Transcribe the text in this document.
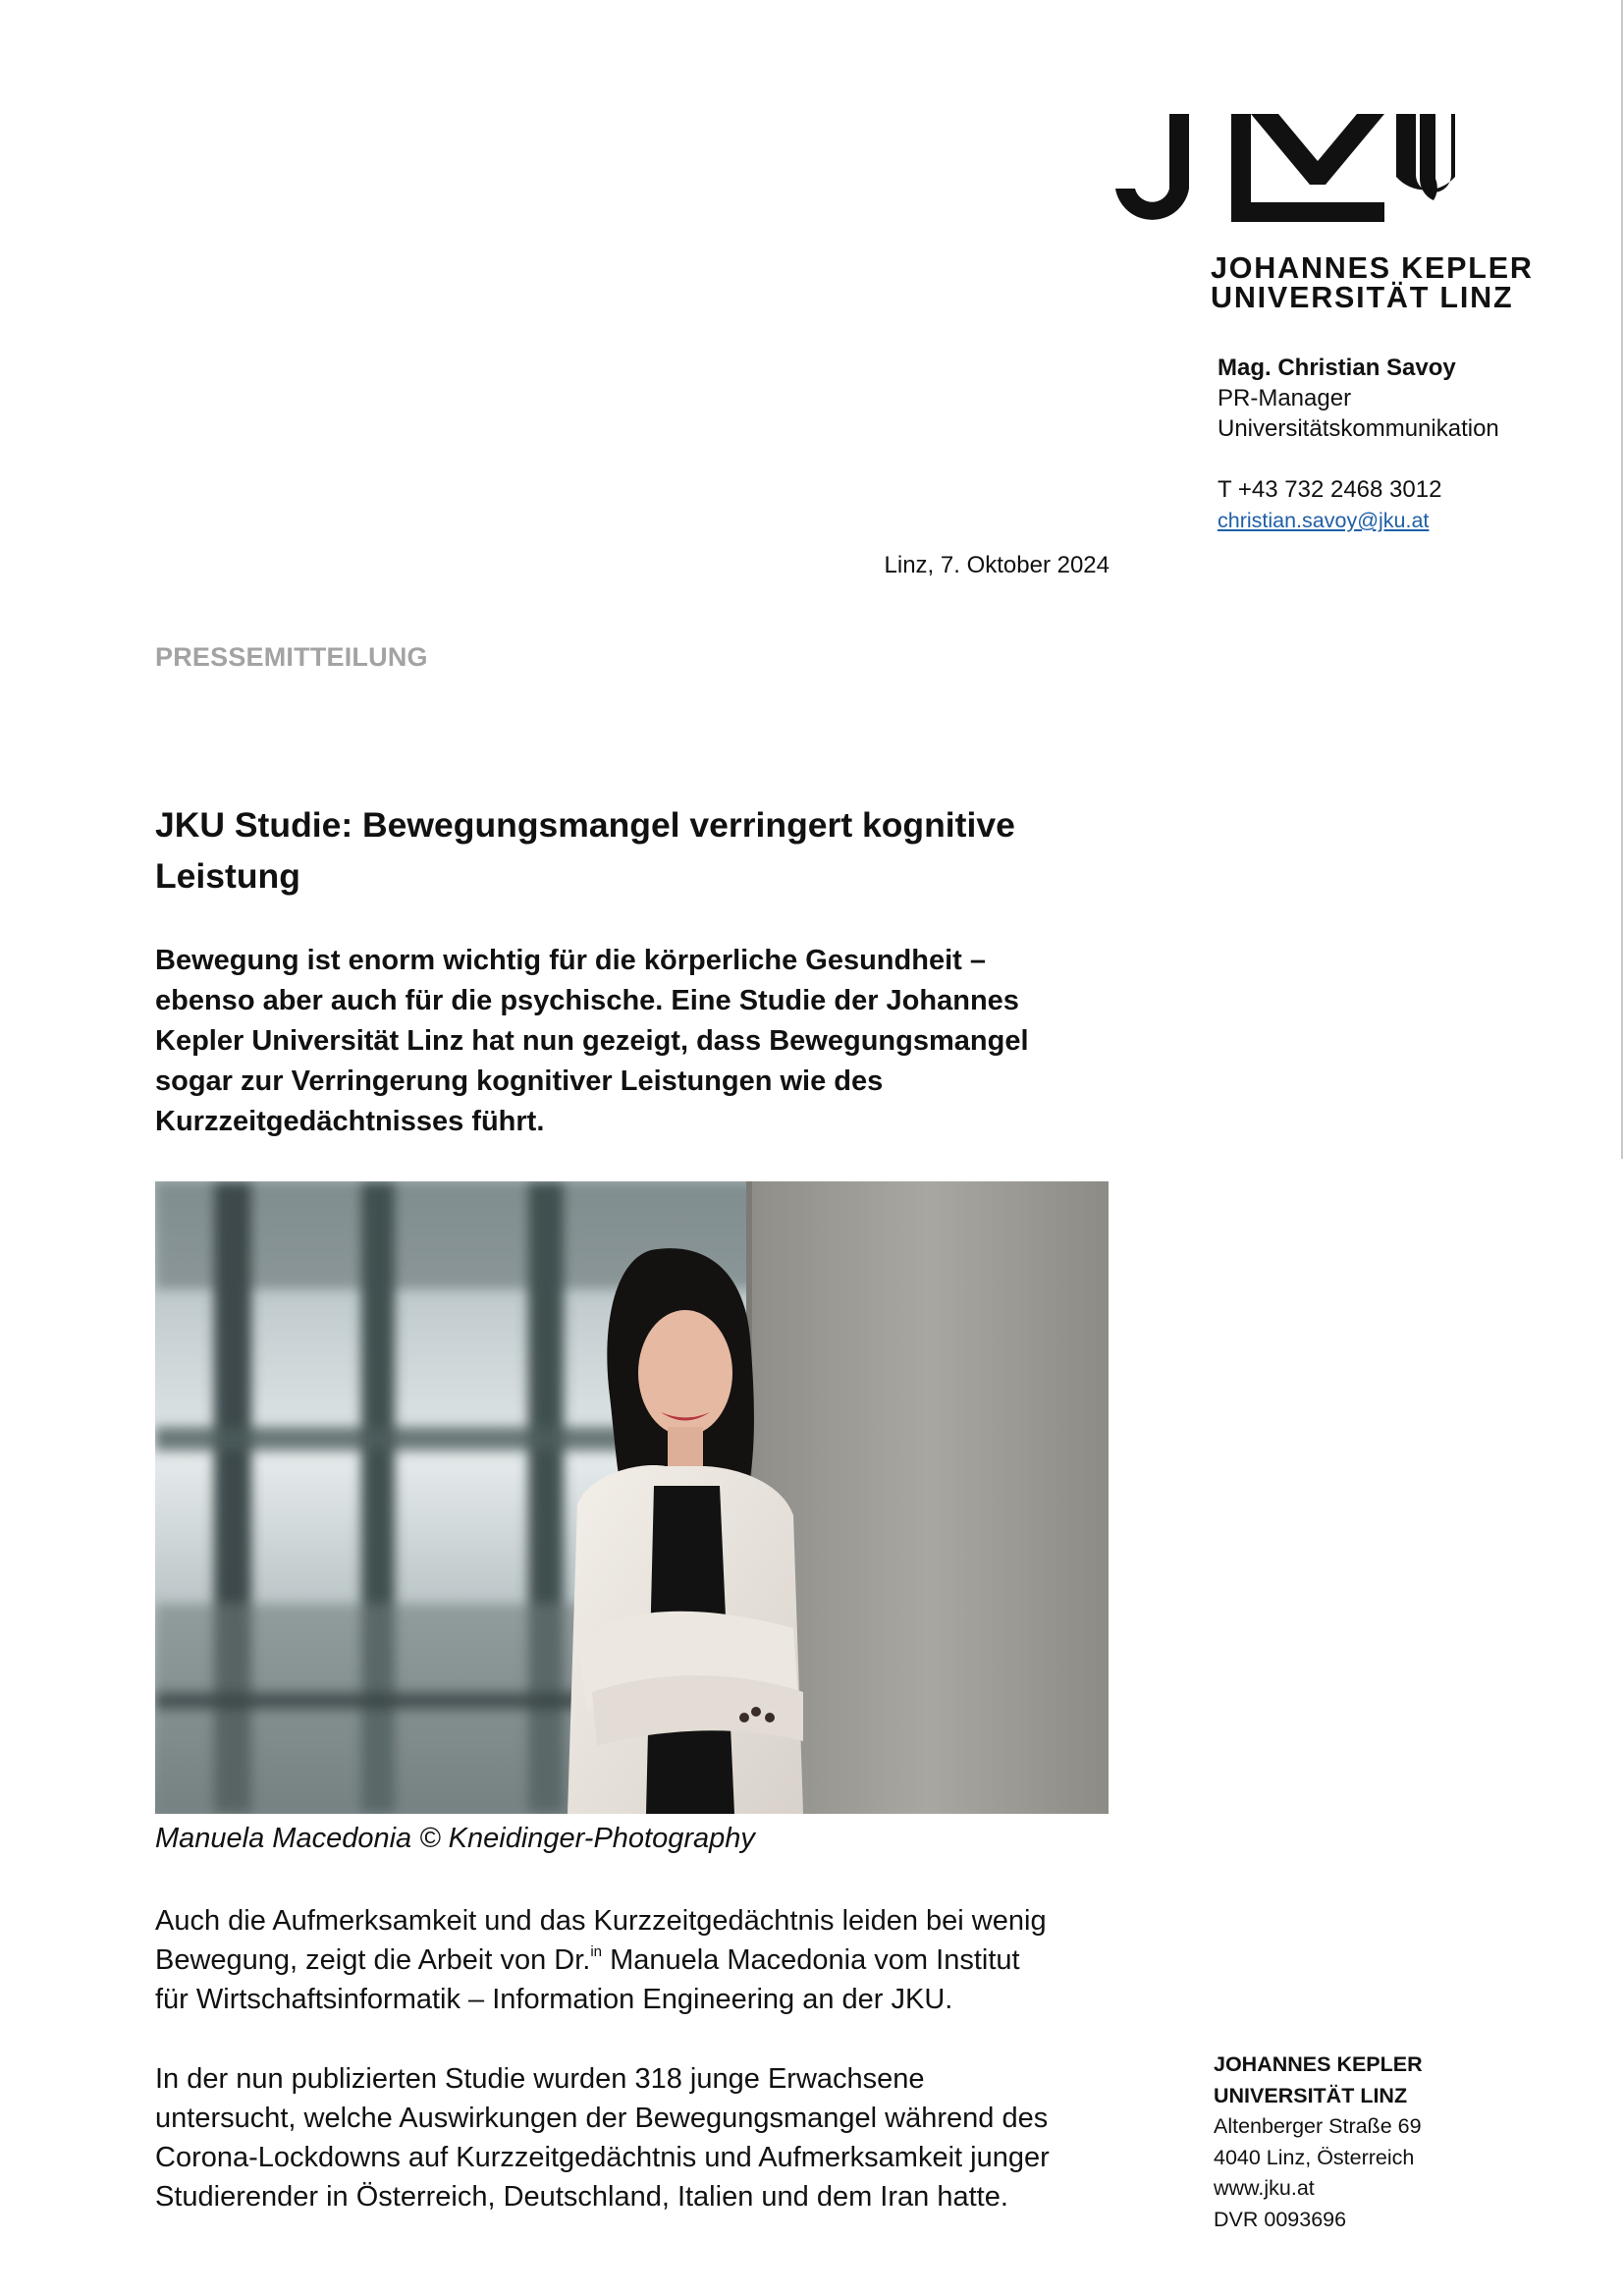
JOHANNES KEPLER
UNIVERSITÄT LINZ
Mag. Christian Savoy
PR-Manager
Universitätskommunikation
T +43 732 2468 3012
christian.savoy@jku.at
Linz, 7. Oktober 2024
PRESSEMITTEILUNG
JKU Studie: Bewegungsmangel verringert kognitive
Leistung
Bewegung ist enorm wichtig für die körperliche Gesundheit –
ebenso aber auch für die psychische. Eine Studie der Johannes
Kepler Universität Linz hat nun gezeigt, dass Bewegungsmangel
sogar zur Verringerung kognitiver Leistungen wie des
Kurzzeitgedächtnisses führt.
Manuela Macedonia © Kneidinger-Photography
Auch die Aufmerksamkeit und das Kurzzeitgedächtnis leiden bei wenig
Bewegung, zeigt die Arbeit von Dr.$^{in}$ Manuela Macedonia vom Institut
für Wirtschaftsinformatik – Information Engineering an der JKU.
In der nun publizierten Studie wurden 318 junge Erwachsene
untersucht, welche Auswirkungen der Bewegungsmangel während des
Corona-Lockdowns auf Kurzzeitgedächtnis und Aufmerksamkeit junger
Studierender in Österreich, Deutschland, Italien und dem Iran hatte.
JOHANNES KEPLER
UNIVERSITÄT LINZ
Altenberger Straße 69
4040 Linz, Österreich
www.jku.at
DVR 0093696
